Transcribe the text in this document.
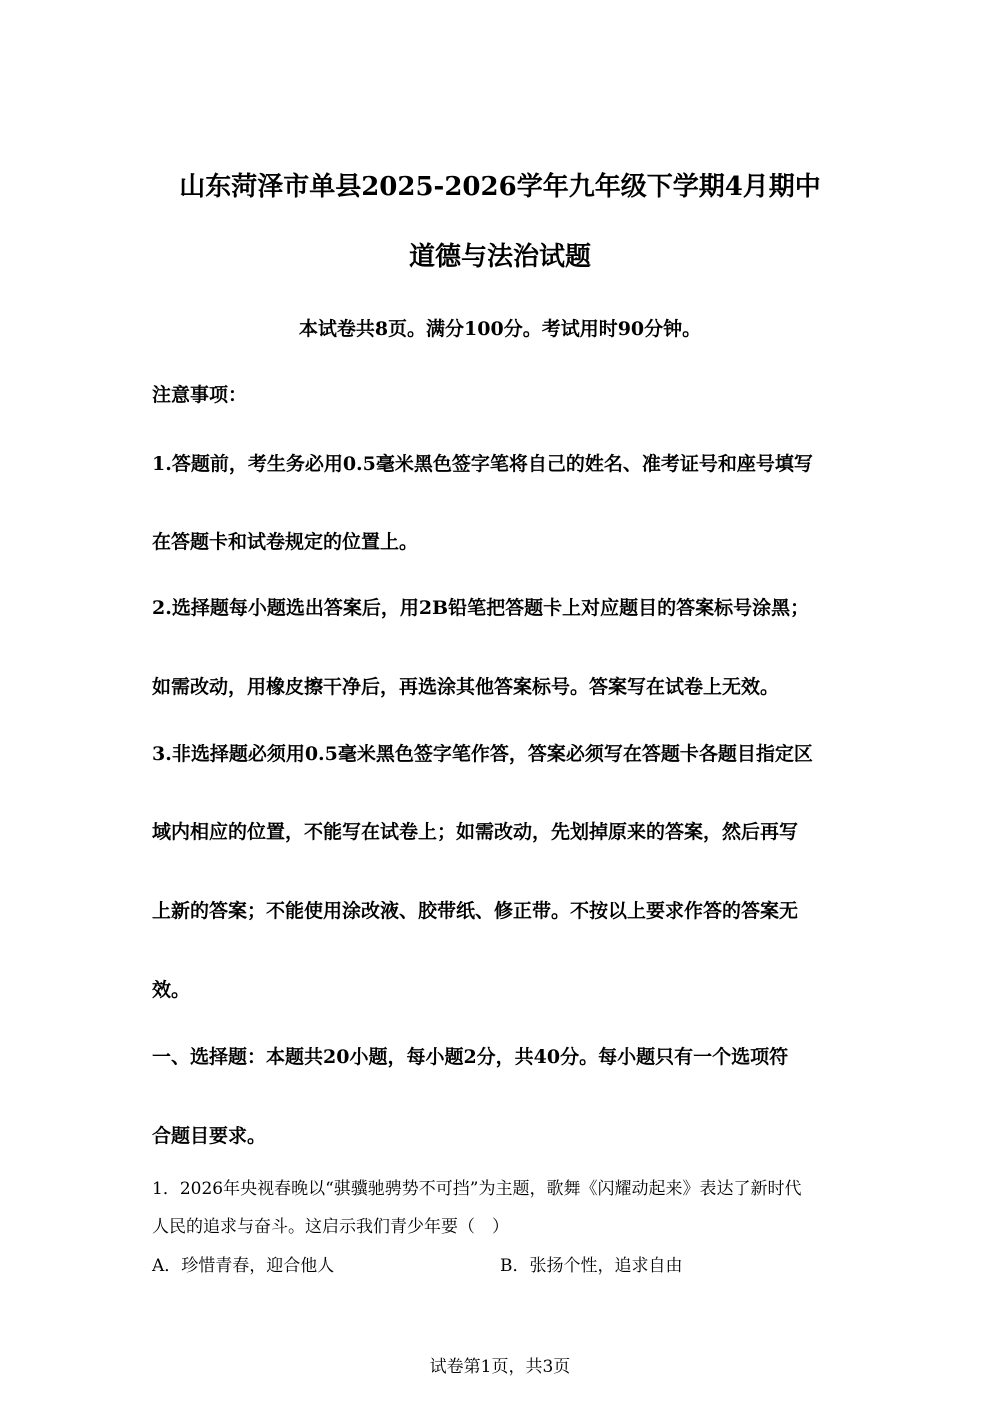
山东菏泽市单县2025-2026学年九年级下学期4月期中
道德与法治试题
本试卷共8页。满分100分。考试用时90分钟。
注意事项：
1.答题前，考生务必用0.5毫米黑色签字笔将自己的姓名、准考证号和座号填写
在答题卡和试卷规定的位置上。
2.选择题每小题选出答案后，用2B铅笔把答题卡上对应题目的答案标号涂黑；
如需改动，用橡皮擦干净后，再选涂其他答案标号。答案写在试卷上无效。
3.非选择题必须用0.5毫米黑色签字笔作答，答案必须写在答题卡各题目指定区
域内相应的位置，不能写在试卷上；如需改动，先划掉原来的答案，然后再写
上新的答案；不能使用涂改液、胶带纸、修正带。不按以上要求作答的答案无
效。
一、选择题：本题共20小题，每小题2分，共40分。每小题只有一个选项符
合题目要求。
1．2026年央视春晚以“骐骥驰骋势不可挡”为主题，歌舞《闪耀动起来》表达了新时代
人民的追求与奋斗。这启示我们青少年要（　）
A．珍惜青春，迎合他人	B．张扬个性，追求自由
试卷第1页，共3页
